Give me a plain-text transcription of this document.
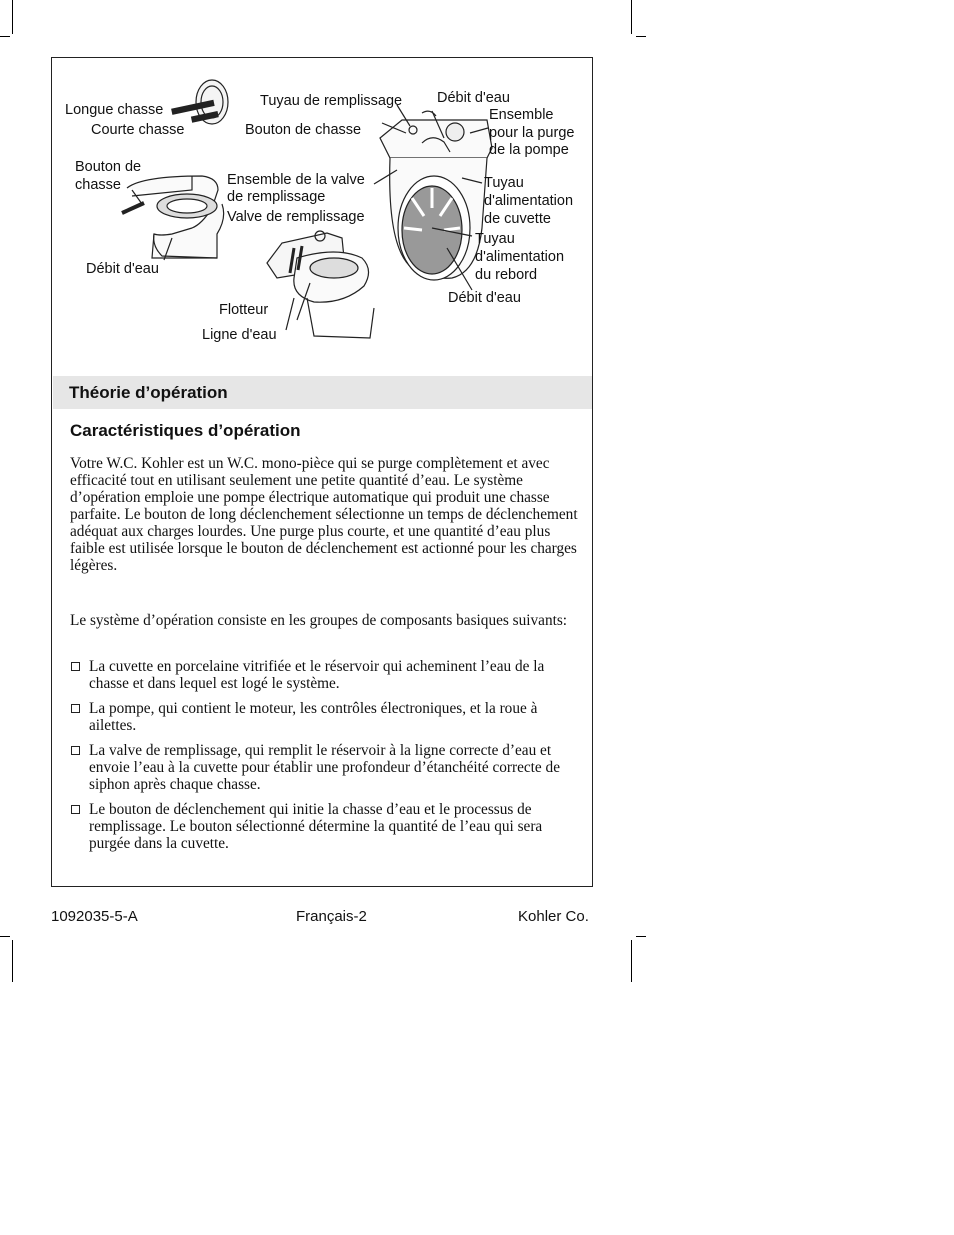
Longue chasse
Courte chasse
Bouton de
chasse
Débit d'eau
Tuyau de remplissage
Bouton de chasse
Ensemble de la valve
de remplissage
Valve de remplissage
Flotteur
Ligne d'eau
Débit d'eau
Ensemble
pour la purge
de la pompe
Tuyau
d'alimentation
de cuvette
Tuyau
d'alimentation
du rebord
Débit d'eau
Théorie d’opération
Caractéristiques d’opération

Votre W.C. Kohler est un W.C. mono-pièce qui se purge complètement et avec efficacité tout en utilisant seulement une petite quantité d’eau. Le système d’opération emploie une pompe électrique automatique qui produit une chasse parfaite. Le bouton de long déclenchement sélectionne un temps de déclenchement adéquat aux charges lourdes. Une purge plus courte, et une quantité d’eau plus faible est utilisée lorsque le bouton de déclenchement est actionné pour les charges légères.

Le système d’opération consiste en les groupes de composants basiques suivants:

La cuvette en porcelaine vitrifiée et le réservoir qui acheminent l’eau de la chasse et dans lequel est logé le système.
La pompe, qui contient le moteur, les contrôles électroniques, et la roue à ailettes.
La valve de remplissage, qui remplit le réservoir à la ligne correcte d’eau et envoie l’eau à la cuvette pour établir une profondeur d’étanchéité correcte de siphon après chaque chasse.
Le bouton de déclenchement qui initie la chasse d’eau et le processus de remplissage. Le bouton sélectionné détermine la quantité de l’eau qui sera purgée dans la cuvette.
1092035-5-A	Français-2	Kohler Co.
